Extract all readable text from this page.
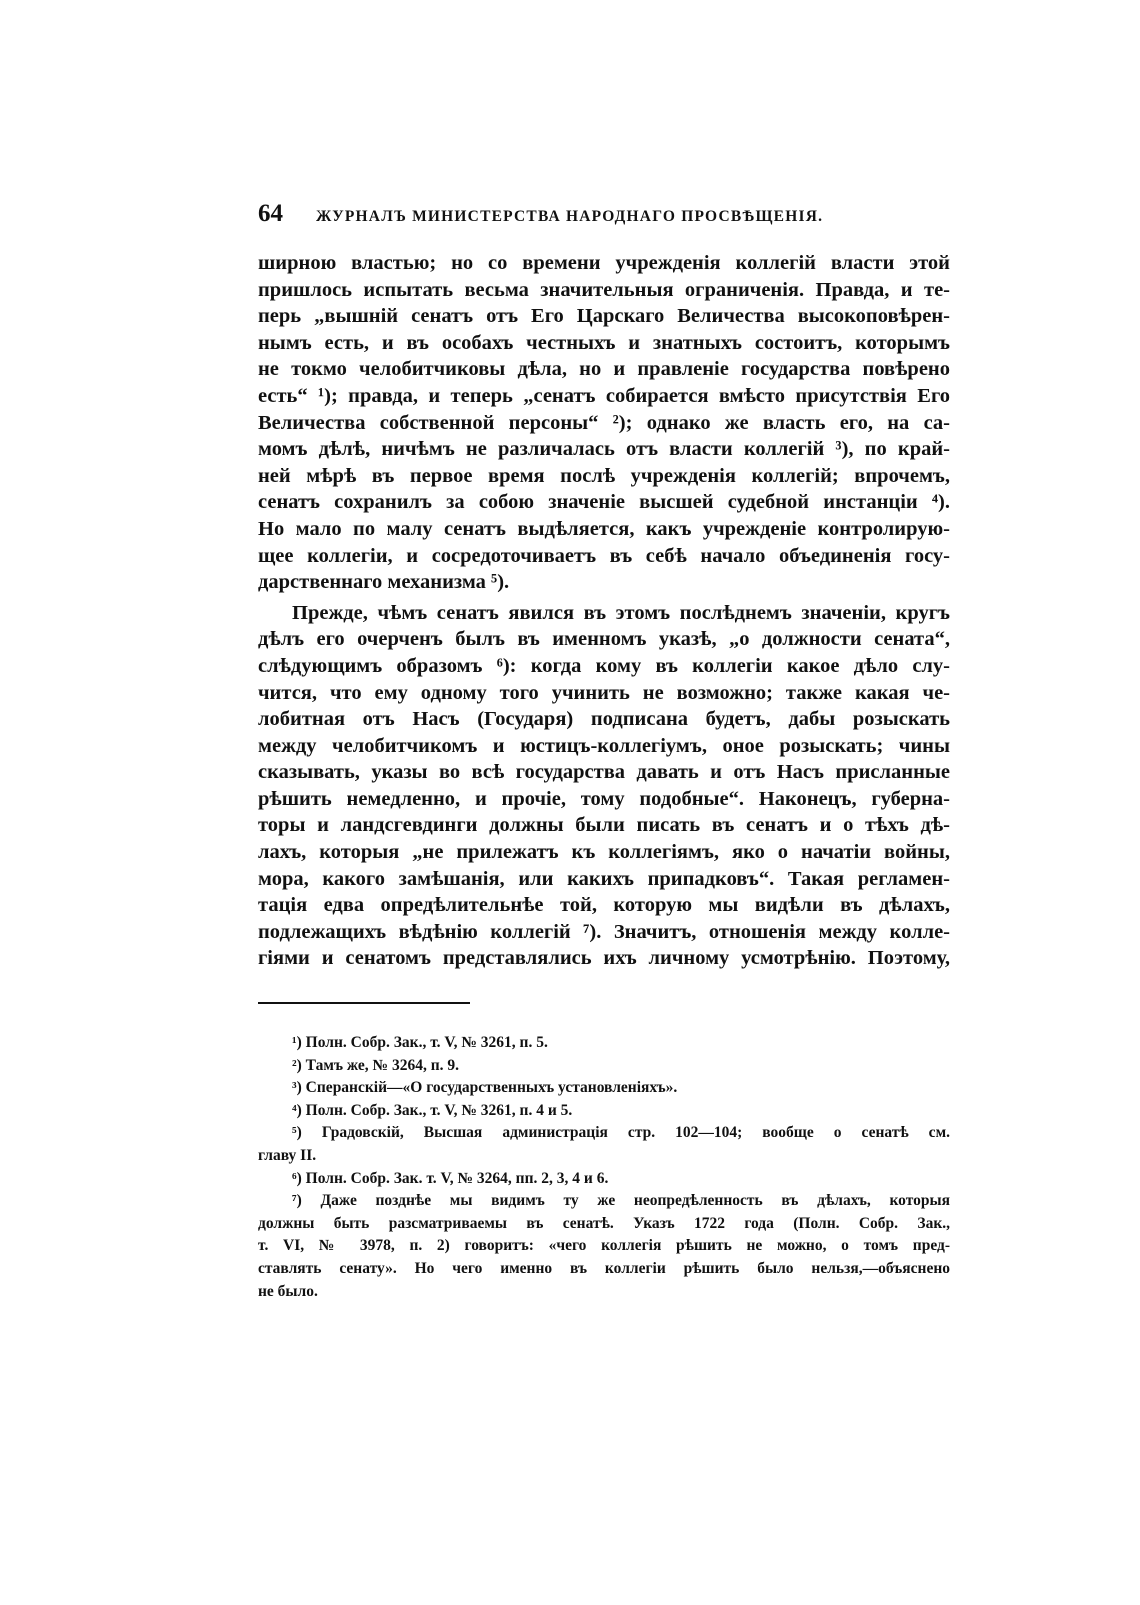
64	ЖУРНАЛЪ МИНИСТЕРСТВА НАРОДНАГО ПРОСВѢЩЕНІЯ.
ширною властью; но со времени учрежденія коллегій власти этой
пришлось испытать весьма значительныя ограниченія. Правда, и те-
перь „вышній сенатъ отъ Его Царскаго Величества высокоповѣрен-
нымъ есть, и въ особахъ честныхъ и знатныхъ состоитъ, которымъ
не токмо челобитчиковы дѣла, но и правленіе государства повѣрено
есть“ ¹); правда, и теперь „сенатъ собирается вмѣсто присутствія Его
Величества собственной персоны“ ²); однако же власть его, на са-
момъ дѣлѣ, ничѣмъ не различалась отъ власти коллегій ³), по край-
ней мѣрѣ въ первое время послѣ учрежденія коллегій; впрочемъ,
сенатъ сохранилъ за собою значеніе высшей судебной инстанціи ⁴).
Но мало по малу сенатъ выдѣляется, какъ учрежденіе контролирую-
щее коллегіи, и сосредоточиваетъ въ себѣ начало объединенія госу-
дарственнаго механизма ⁵).
Прежде, чѣмъ сенатъ явился въ этомъ послѣднемъ значеніи, кругъ
дѣлъ его очерченъ былъ въ именномъ указѣ, „о должности сената“,
слѣдующимъ образомъ ⁶): когда кому въ коллегіи какое дѣло слу-
чится, что ему одному того учинить не возможно; также какая че-
лобитная отъ Насъ (Государя) подписана будетъ, дабы розыскать
между челобитчикомъ и юстицъ-коллегіумъ, оное розыскать; чины
сказывать, указы во всѣ государства давать и отъ Насъ присланные
рѣшить немедленно, и прочіе, тому подобные“. Наконецъ, губерна-
торы и ландсгевдинги должны были писать въ сенатъ и о тѣхъ дѣ-
лахъ, которыя „не прилежатъ къ коллегіямъ, яко о начатіи войны,
мора, какого замѣшанія, или какихъ припадковъ“. Такая регламен-
тація едва опредѣлительнѣе той, которую мы видѣли въ дѣлахъ,
подлежащихъ вѣдѣнію коллегій ⁷). Значитъ, отношенія между колле-
гіями и сенатомъ представлялись ихъ личному усмотрѣнію. Поэтому,
¹) Полн. Собр. Зак., т. V, № 3261, п. 5.
²) Тамъ же, № 3264, п. 9.
³) Сперанскій—«О государственныхъ установленіяхъ».
⁴) Полн. Собр. Зак., т. V, № 3261, п. 4 и 5.
⁵) Градовскій, Высшая администрація стр. 102—104; вообще о сенатѣ см.
главу II.
⁶) Полн. Собр. Зак. т. V, № 3264, пп. 2, 3, 4 и 6.
⁷) Даже позднѣе мы видимъ ту же неопредѣленность въ дѣлахъ, которыя
должны быть разсматриваемы въ сенатѣ. Указъ 1722 года (Полн. Собр. Зак.,
т. VI, № 3978, п. 2) говоритъ: «чего коллегія рѣшить не можно, о томъ пред-
ставлять сенату». Но чего именно въ коллегіи рѣшить было нельзя,—объяснено
не было.
